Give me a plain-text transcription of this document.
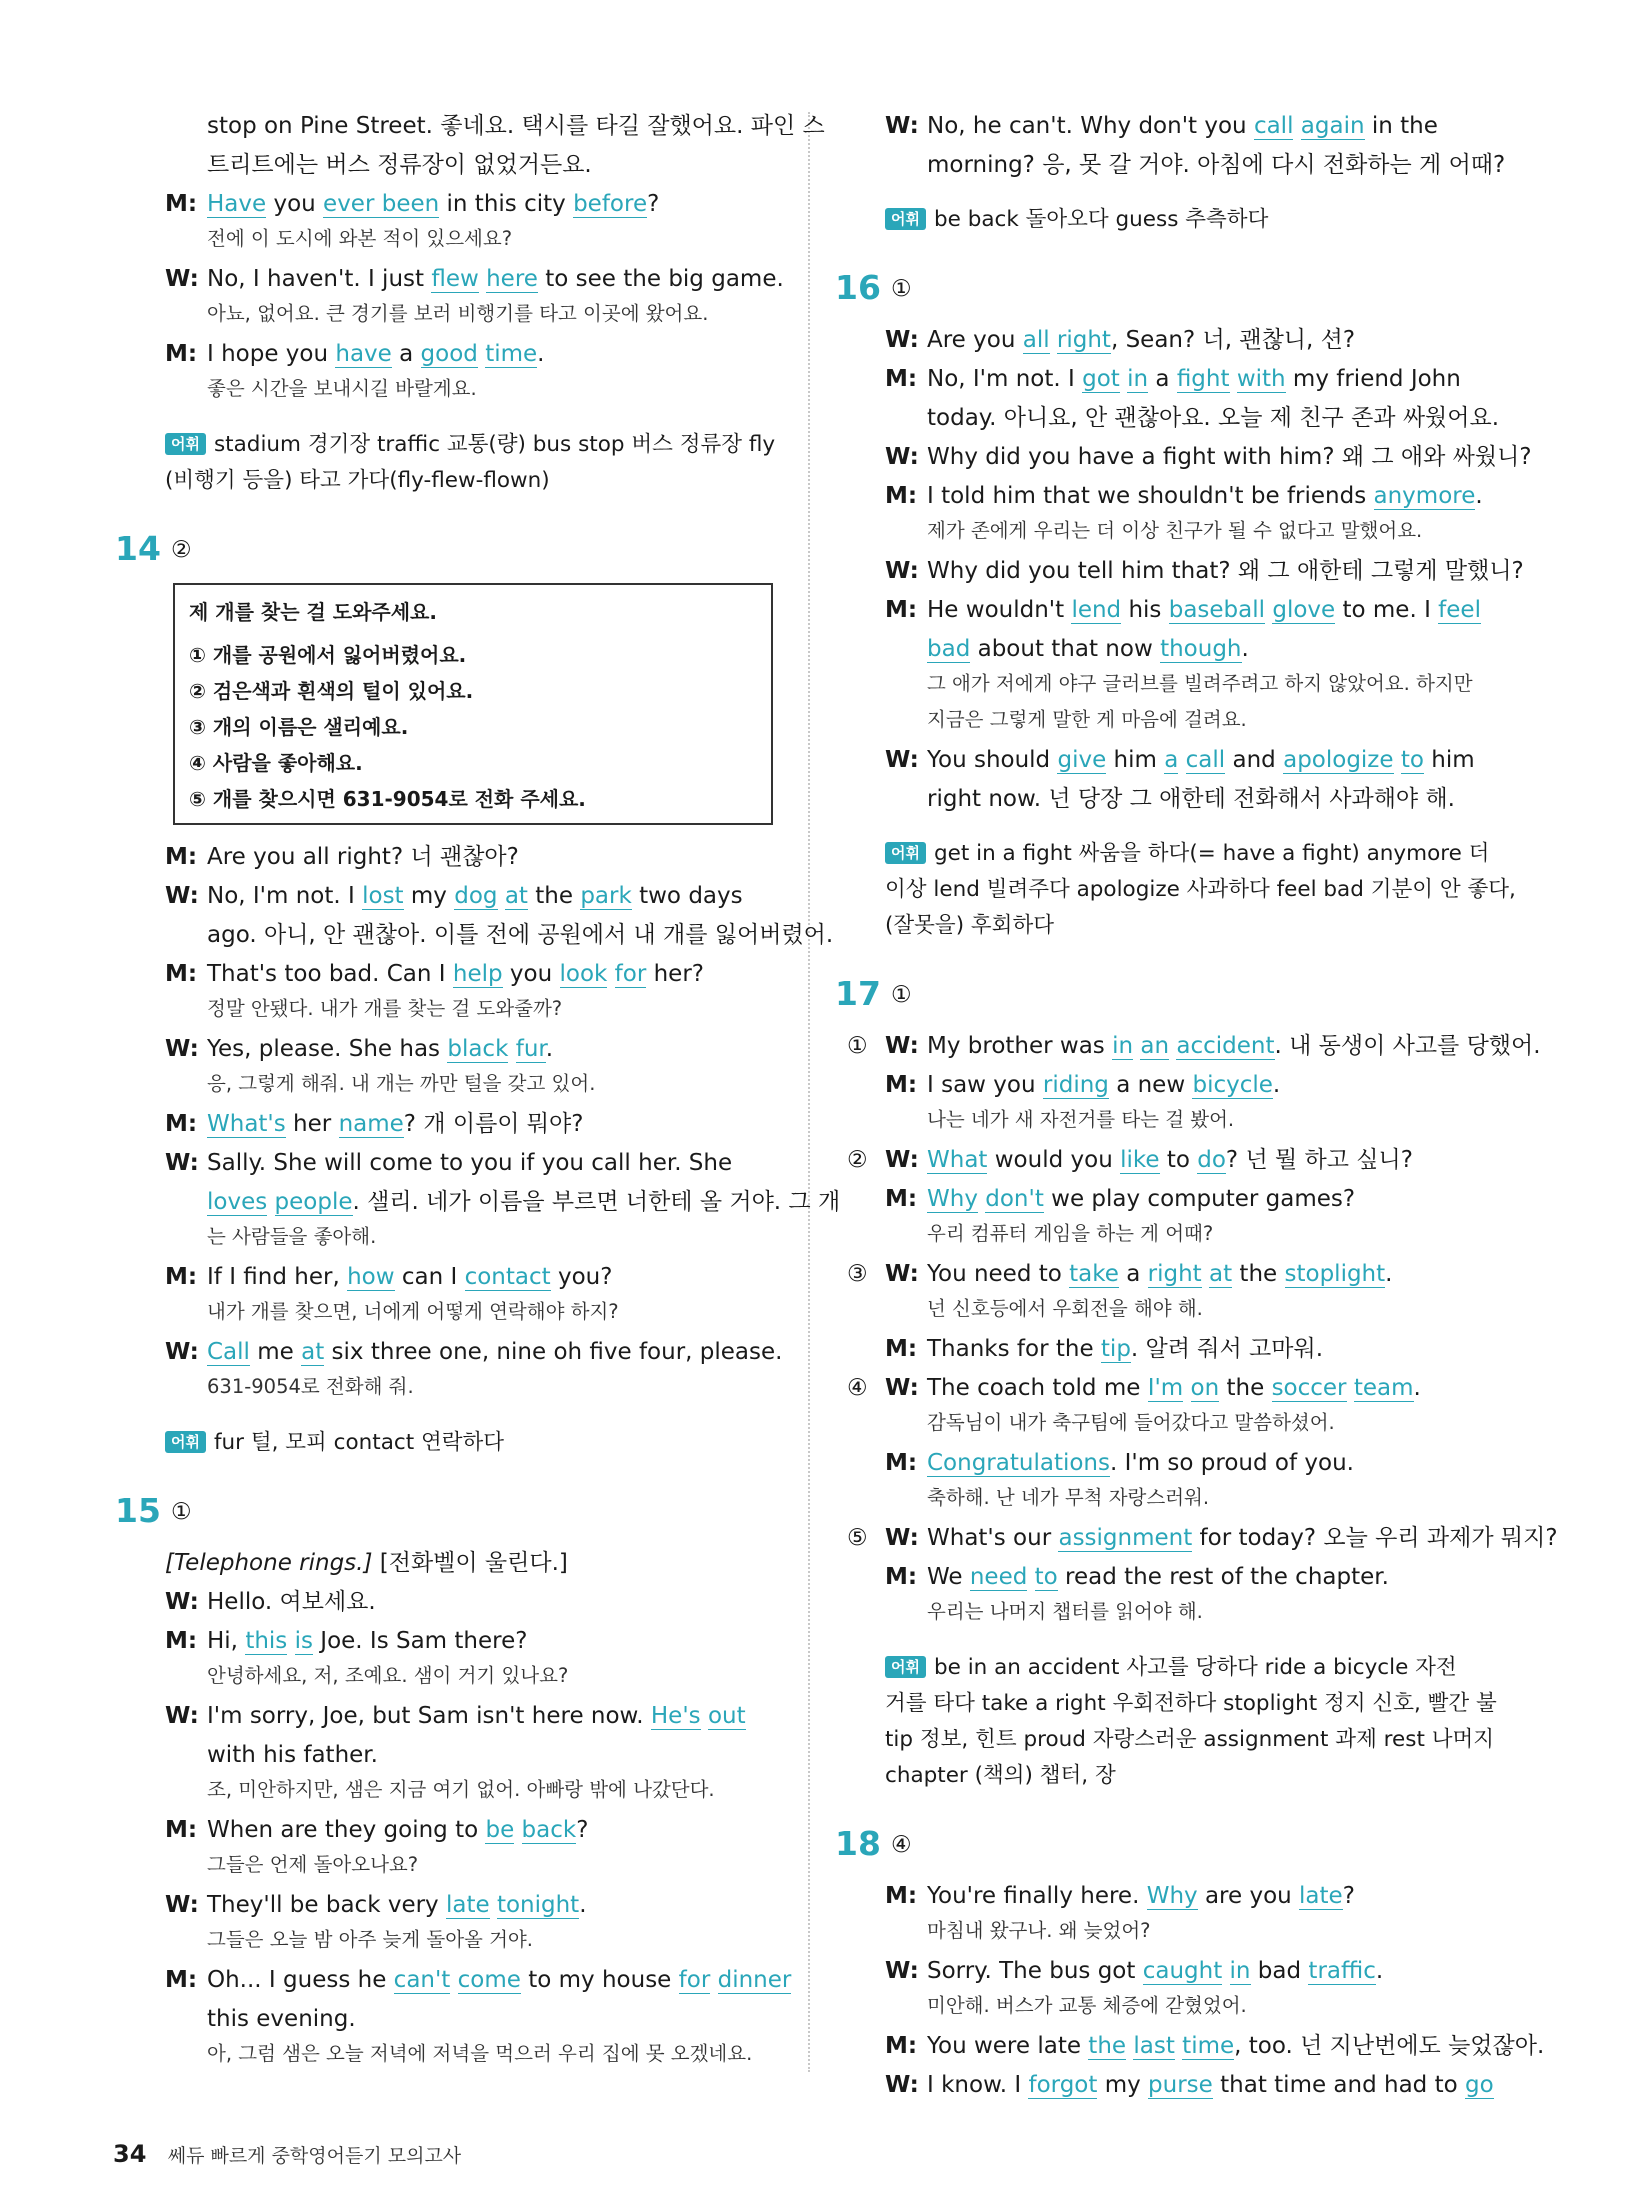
stop on Pine Street. 좋네요. 택시를 타길 잘했어요. 파인 스
트리트에는 버스 정류장이 없었거든요.
M: Have you ever been in this city before?
전에 이 도시에 와본 적이 있으세요?
W: No, I haven't. I just flew here to see the big game.
아뇨, 없어요. 큰 경기를 보러 비행기를 타고 이곳에 왔어요.
M: I hope you have a good time.
좋은 시간을 보내시길 바랄게요.
어휘 stadium 경기장 traffic 교통(량) bus stop 버스 정류장 fly
(비행기 등을) 타고 가다(fly-flew-flown)
14 ②
제 개를 찾는 걸 도와주세요.
① 개를 공원에서 잃어버렸어요.
② 검은색과 흰색의 털이 있어요.
③ 개의 이름은 샐리예요.
④ 사람을 좋아해요.
⑤ 개를 찾으시면 631-9054로 전화 주세요.
M: Are you all right? 너 괜찮아?
W: No, I'm not. I lost my dog at the park two days
ago. 아니, 안 괜찮아. 이틀 전에 공원에서 내 개를 잃어버렸어.
M: That's too bad. Can I help you look for her?
정말 안됐다. 내가 개를 찾는 걸 도와줄까?
W: Yes, please. She has black fur.
응, 그렇게 해줘. 내 개는 까만 털을 갖고 있어.
M: What's her name? 개 이름이 뭐야?
W: Sally. She will come to you if you call her. She
loves people. 샐리. 네가 이름을 부르면 너한테 올 거야. 그 개
는 사람들을 좋아해.
M: If I find her, how can I contact you?
내가 개를 찾으면, 너에게 어떻게 연락해야 하지?
W: Call me at six three one, nine oh five four, please.
631-9054로 전화해 줘.
어휘 fur 털, 모피 contact 연락하다
15 ①
[Telephone rings.] [전화벨이 울린다.]
W: Hello. 여보세요.
M: Hi, this is Joe. Is Sam there?
안녕하세요, 저, 조예요. 샘이 거기 있나요?
W: I'm sorry, Joe, but Sam isn't here now. He's out
with his father.
조, 미안하지만, 샘은 지금 여기 없어. 아빠랑 밖에 나갔단다.
M: When are they going to be back?
그들은 언제 돌아오나요?
W: They'll be back very late tonight.
그들은 오늘 밤 아주 늦게 돌아올 거야.
M: Oh... I guess he can't come to my house for dinner
this evening.
아, 그럼 샘은 오늘 저녁에 저녁을 먹으러 우리 집에 못 오겠네요.
W: No, he can't. Why don't you call again in the
morning? 응, 못 갈 거야. 아침에 다시 전화하는 게 어때?
어휘 be back 돌아오다 guess 추측하다
16 ①
W: Are you all right, Sean? 너, 괜찮니, 션?
M: No, I'm not. I got in a fight with my friend John
today. 아니요, 안 괜찮아요. 오늘 제 친구 존과 싸웠어요.
W: Why did you have a fight with him? 왜 그 애와 싸웠니?
M: I told him that we shouldn't be friends anymore.
제가 존에게 우리는 더 이상 친구가 될 수 없다고 말했어요.
W: Why did you tell him that? 왜 그 애한테 그렇게 말했니?
M: He wouldn't lend his baseball glove to me. I feel
bad about that now though.
그 애가 저에게 야구 글러브를 빌려주려고 하지 않았어요. 하지만
지금은 그렇게 말한 게 마음에 걸려요.
W: You should give him a call and apologize to him
right now. 넌 당장 그 애한테 전화해서 사과해야 해.
어휘 get in a fight 싸움을 하다(= have a fight) anymore 더
이상 lend 빌려주다 apologize 사과하다 feel bad 기분이 안 좋다,
(잘못을) 후회하다
17 ①
① W: My brother was in an accident. 내 동생이 사고를 당했어.
M: I saw you riding a new bicycle.
나는 네가 새 자전거를 타는 걸 봤어.
② W: What would you like to do? 넌 뭘 하고 싶니?
M: Why don't we play computer games?
우리 컴퓨터 게임을 하는 게 어때?
③ W: You need to take a right at the stoplight.
넌 신호등에서 우회전을 해야 해.
M: Thanks for the tip. 알려 줘서 고마워.
④ W: The coach told me I'm on the soccer team.
감독님이 내가 축구팀에 들어갔다고 말씀하셨어.
M: Congratulations. I'm so proud of you.
축하해. 난 네가 무척 자랑스러워.
⑤ W: What's our assignment for today? 오늘 우리 과제가 뭐지?
M: We need to read the rest of the chapter.
우리는 나머지 챕터를 읽어야 해.
어휘 be in an accident 사고를 당하다 ride a bicycle 자전
거를 타다 take a right 우회전하다 stoplight 정지 신호, 빨간 불
tip 정보, 힌트 proud 자랑스러운 assignment 과제 rest 나머지
chapter (책의) 챕터, 장
18 ④
M: You're finally here. Why are you late?
마침내 왔구나. 왜 늦었어?
W: Sorry. The bus got caught in bad traffic.
미안해. 버스가 교통 체증에 갇혔었어.
M: You were late the last time, too. 넌 지난번에도 늦었잖아.
W: I know. I forgot my purse that time and had to go
34 쎄듀 빠르게 중학영어듣기 모의고사
